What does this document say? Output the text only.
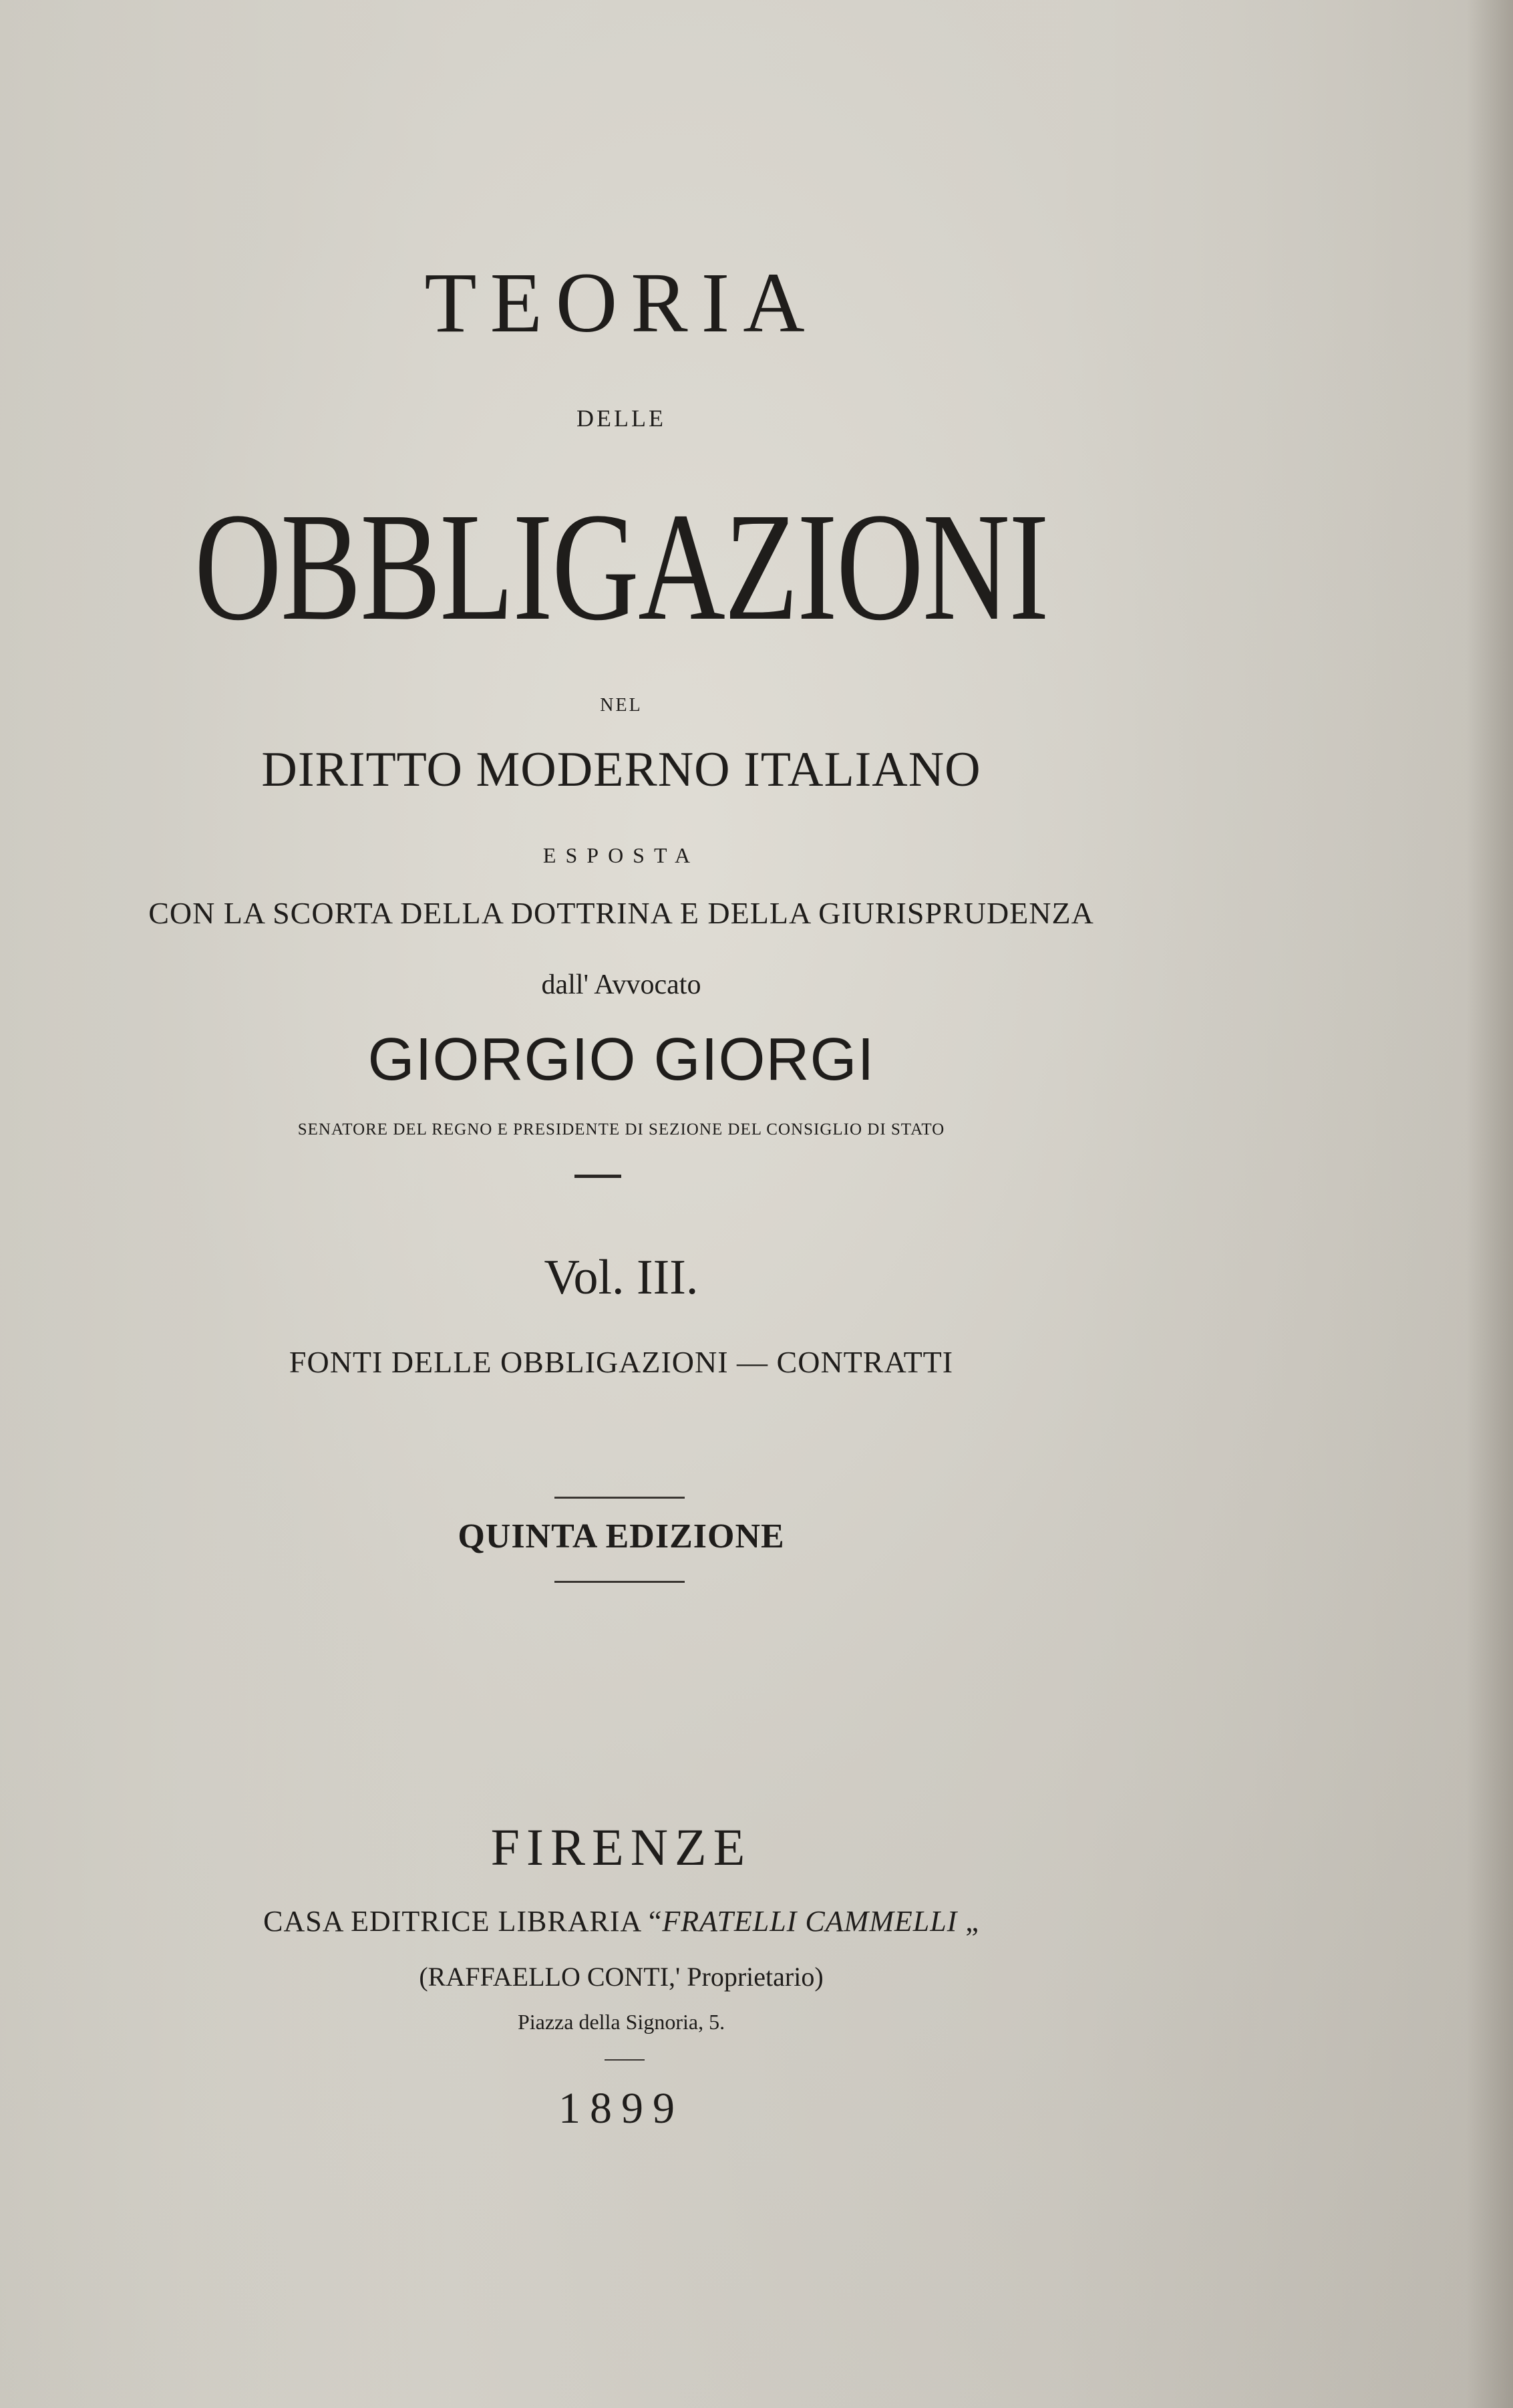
TEORIA
DELLE
OBBLIGAZIONI
NEL
DIRITTO MODERNO ITALIANO
ESPOSTA
CON LA SCORTA DELLA DOTTRINA E DELLA GIURISPRUDENZA
dall' Avvocato
GIORGIO GIORGI
SENATORE DEL REGNO E PRESIDENTE DI SEZIONE DEL CONSIGLIO DI STATO
Vol. III.
FONTI DELLE OBBLIGAZIONI — CONTRATTI
QUINTA EDIZIONE
FIRENZE
CASA EDITRICE LIBRARIA “FRATELLI CAMMELLI „
(RAFFAELLO CONTI,' Proprietario)
Piazza della Signoria, 5.
1899
